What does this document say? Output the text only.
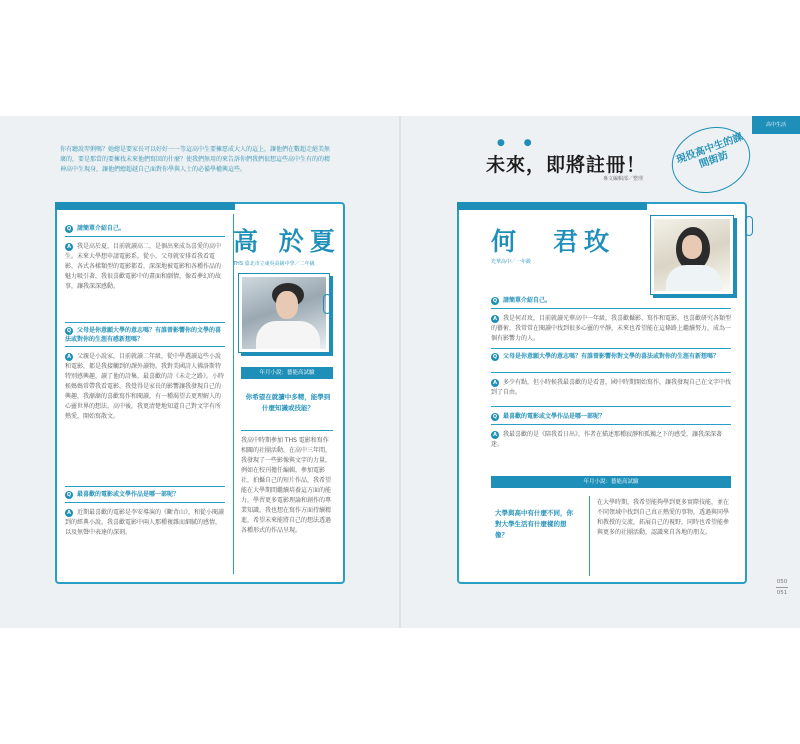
你有聽說羿俐嗎？她總是要家長可以好好一一等這高中生要擁愿成大人的這上，讓他們在數超走絕美無壞的，要是那當的要擁找未來他們寫回的什麼？使我們無用的來告訴你們我們很想這些高中生有的的精神高中生現身，讓他們總超越自己面對你學與人士的必備學權興這些。
● ●
未來，即將註冊！
專文編輯部／整理
現役高中生的課間街訪
高中生活
Q 請簡單介紹自己。
A 我是高於夏，目前就讀高二，是個出來成為喜愛的高中生。未來大學想申請電影系，從小，父母就安排看我看電影，各式各樣類型的電影都看，深深地被電影和各種作品的魅力吸引著，我很喜歡電影中的畫面和劇情，像看夢幻的故事，讓我深深感動。
Q 父母是你意願大學的意志嗎？有誰曾影響你的文學的喜法或對你的生涯有感新想嗎？
A 父親是小說家，目前就讀二年級，從中學選讀這些小說和電影，都是我接觸到的課外讀物。我對美國詩人佛洛斯特特別感興趣，讀了他的詩集，最喜歡的詩《未走之路》。小時候媽媽常帶我看電影，我覺得是家長的影響讓我發現自己的興趣，我漸漸的喜歡寫作和閱讀，有一種渴望去更理解人的心靈世界的想法。高中後，我更清楚地知道自己對文字有所熱愛，開始寫散文。
Q 最喜歡的電影或文學作品是哪一部呢？
A 近期最喜歡的電影是李安導演的《斷背山》，和從小閱讀到的經典小說。我喜歡電影中兩人那種複雜而細膩的感情，以及無聲中表達的深刻。
高 於夏
THS 臺北市立東吳高級中學／二年級
年月小說：藝能高試驗
你希望在就讀中多精，能學到什麼知識或技能？
我高中時期參加 THS 電影和寫作相關的社團活動，在高中三年間，我發現了一些影像與文字的力量，例如在校刊擔任編輯，參加電影社，拍攝自己的短片作品，我希望能在大學期間繼續培養這方面的能力，學習更多電影理論和創作的專業知識。我也想在寫作方面持續精進，希望未來能將自己的想法透過各種形式的作品呈現。
何　君玫
光華高中／一年級
Q 請簡單介紹自己。
A 我是何君玫，目前就讀光華高中一年級，我喜歡攝影、寫作和電影，也喜歡研究各類型的藝術，我常常在閱讀中找到很多心靈的平靜，未來也希望能在這條路上繼續努力，成為一個有影響力的人。
Q 父母是你意願大學的意志嗎？有誰曾影響你對文學的喜法或對你的生涯有新想嗎？
A 多少有點，但小時候我最喜歡的是看書，國中時期開始寫作，讓我發現自己在文字中找到了自由。
Q 最喜歡的電影或文學作品是哪一部呢？
A 我最喜歡的是《陪我看日出》，作者在描述那種寂靜和孤獨之下的感受，讓我深深著迷。
年月小說：藝能高試驗
大學與高中有什麼不同，你對大學生活有什麼樣的想像？
在大學時期，我希望能夠學到更多實際技能，並在不同領域中找到自己真正熱愛的事物，透過與同學和教授的交流，拓展自己的視野，同時也希望能參與更多的社團活動，認識來自各地的朋友。
050
051
